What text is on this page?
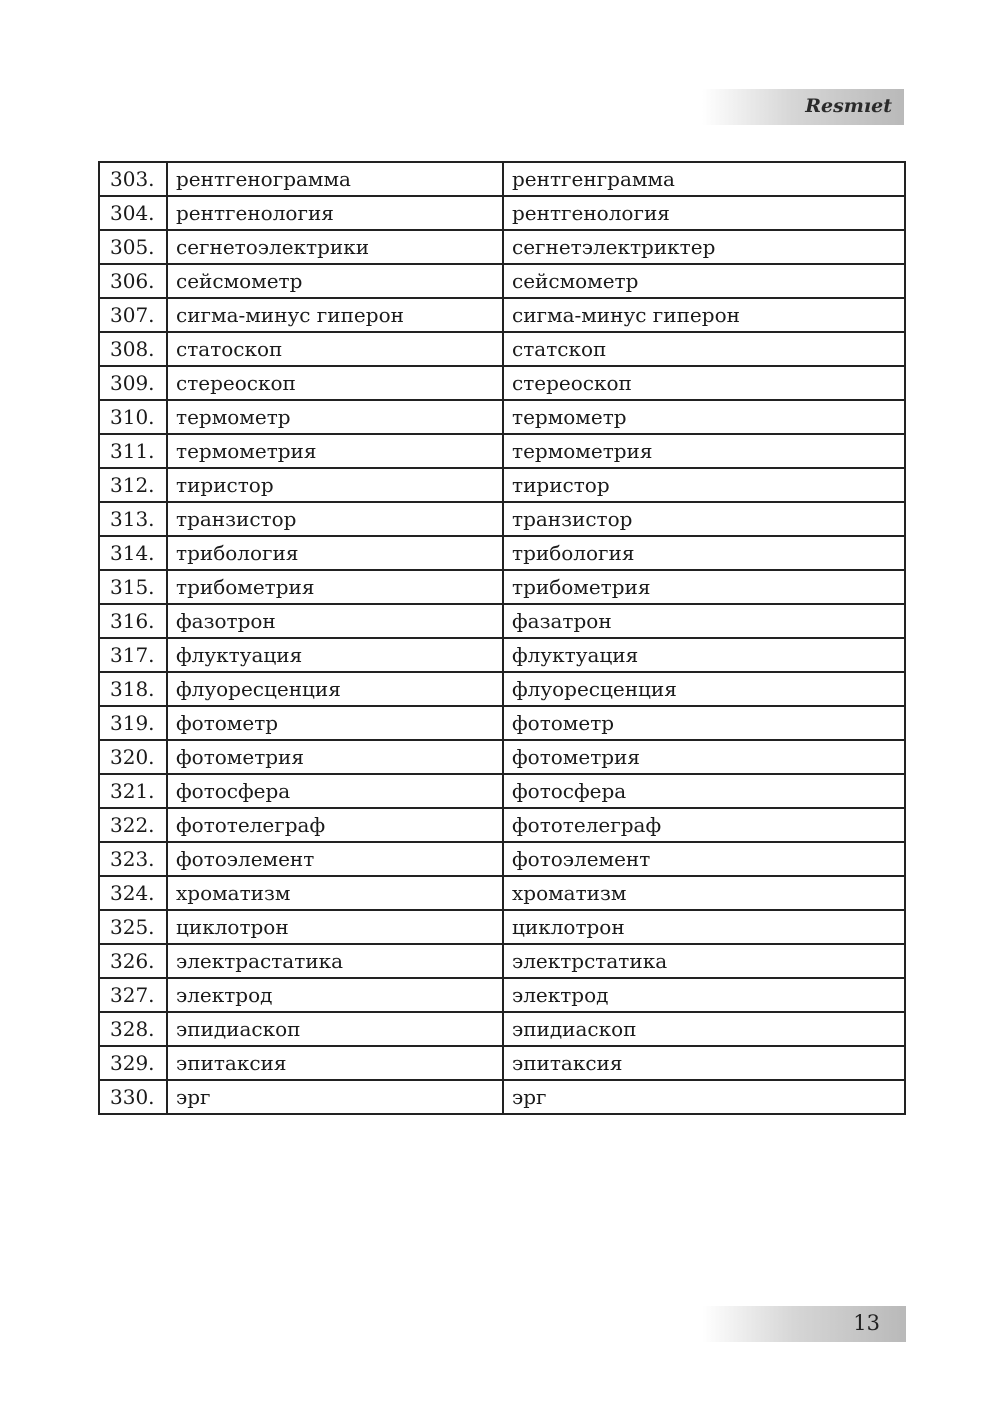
Resmıet
303.	рентгенограмма	рентгенграмма
304.	рентгенология	рентгенология
305.	сегнетоэлектрики	сегнетэлектриктер
306.	сейсмометр	сейсмометр
307.	сигма-минус гиперон	сигма-минус гиперон
308.	статоскоп	статскоп
309.	стереоскоп	стереоскоп
310.	термометр	термометр
311.	термометрия	термометрия
312.	тиристор	тиристор
313.	транзистор	транзистор
314.	трибология	трибология
315.	трибометрия	трибометрия
316.	фазотрон	фазатрон
317.	флуктуация	флуктуация
318.	флуоресценция	флуоресценция
319.	фотометр	фотометр
320.	фотометрия	фотометрия
321.	фотосфера	фотосфера
322.	фототелеграф	фототелеграф
323.	фотоэлемент	фотоэлемент
324.	хроматизм	хроматизм
325.	циклотрон	циклотрон
326.	электрастатика	электрстатика
327.	электрод	электрод
328.	эпидиаскоп	эпидиаскоп
329.	эпитаксия	эпитаксия
330.	эрг	эрг
13
